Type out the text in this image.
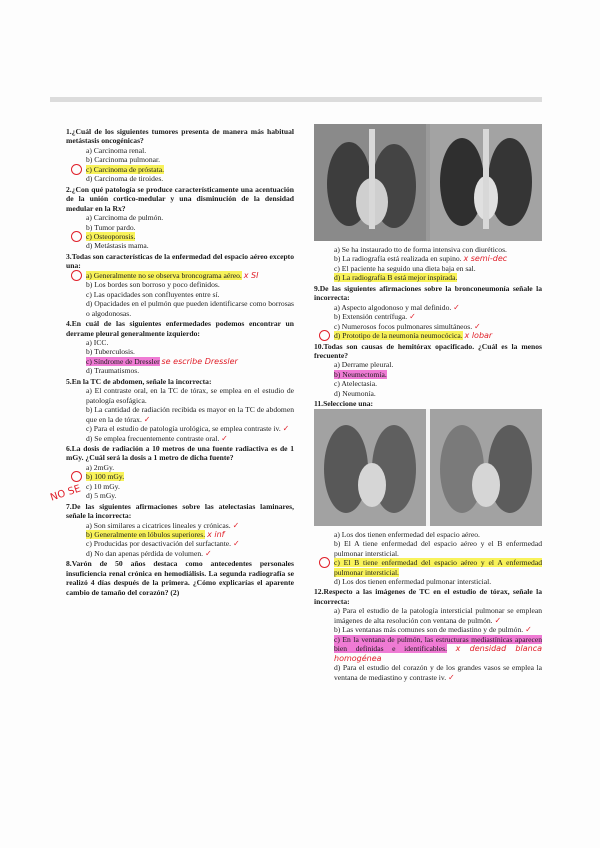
1.¿Cuál de los siguientes tumores presenta de manera más habitual metástasis oncogénicas?
a) Carcinoma renal.
b) Carcinoma pulmonar.
c) Carcinoma de próstata.
d) Carcinoma de tiroides.
2.¿Con qué patología se produce característicamente una acentuación de la unión cortico-medular y una disminución de la densidad medular en la Rx?
a) Carcinoma de pulmón.
b) Tumor pardo.
c) Osteoporosis.
d) Metástasis mama.
3.Todas son características de la enfermedad del espacio aéreo excepto una:
a) Generalmente no se observa broncograma aéreo. x SI
b) Los bordes son borroso y poco definidos.
c) Las opacidades son confluyentes entre sí.
d) Opacidades en el pulmón que pueden identificarse como borrosas o algodonosas.
4.En cuál de las siguientes enfermedades podemos encontrar un derrame pleural generalmente izquierdo:
a) ICC.
b) Tuberculosis.
c) Síndrome de Dressler se escribe Dressler
d) Traumatismos.
5.En la TC de abdomen, señale la incorrecta:
a) El contraste oral, en la TC de tórax, se emplea en el estudio de patología esofágica.
b) La cantidad de radiación recibida es mayor en la TC de abdomen que en la de tórax. ✓
c) Para el estudio de patología urológica, se emplea contraste iv. ✓
d) Se emplea frecuentemente contraste oral. ✓
6.La dosis de radiación a 10 metros de una fuente radiactiva es de 1 mGy. ¿Cuál será la dosis a 1 metro de dicha fuente?
a) 2mGy.
b) 100 mGy.
c) 10 mGy.
d) 5 mGy.
7.De las siguientes afirmaciones sobre las atelectasias laminares, señale la incorrecta:
a) Son similares a cicatrices lineales y crónicas. ✓
b) Generalmente en lóbulos superiores. x inf
c) Producidas por desactivación del surfactante. ✓
d) No dan apenas pérdida de volumen. ✓
8.Varón de 50 años destaca como antecedentes personales insuficiencia renal crónica en hemodiálisis. La segunda radiografía se realizó 4 días después de la primera. ¿Cómo explicarías el aparente cambio de tamaño del corazón? (2)
NO SE
a) Se ha instaurado tto de forma intensiva con diuréticos.
b) La radiografía está realizada en supino. x semi-dec
c) El paciente ha seguido una dieta baja en sal.
d) La radiografía B está mejor inspirada.
9.De las siguientes afirmaciones sobre la bronconeumonía señale la incorrecta:
a) Aspecto algodonoso y mal definido. ✓
b) Extensión centrífuga. ✓
c) Numerosos focos pulmonares simultáneos. ✓
d) Prototipo de la neumonía neumocócica. x lobar
10.Todas son causas de hemitórax opacificado. ¿Cuál es la menos frecuente?
a) Derrame pleural.
b) Neumectomía.
c) Atelectasia.
d) Neumonía.
11.Seleccione una:
a) Los dos tienen enfermedad del espacio aéreo.
b) El A tiene enfermedad del espacio aéreo y el B enfermedad pulmonar intersticial.
c) El B tiene enfermedad del espacio aéreo y el A enfermedad pulmonar intersticial.
d) Los dos tienen enfermedad pulmonar intersticial.
12.Respecto a las imágenes de TC en el estudio de tórax, señale la incorrecta:
a) Para el estudio de la patología intersticial pulmonar se emplean imágenes de alta resolución con ventana de pulmón. ✓
b) Las ventanas más comunes son de mediastino y de pulmón. ✓
c) En la ventana de pulmón, las estructuras mediastínicas aparecen bien definidas e identificables. x densidad blanca homogénea
d) Para el estudio del corazón y de los grandes vasos se emplea la ventana de mediastino y contraste iv. ✓
